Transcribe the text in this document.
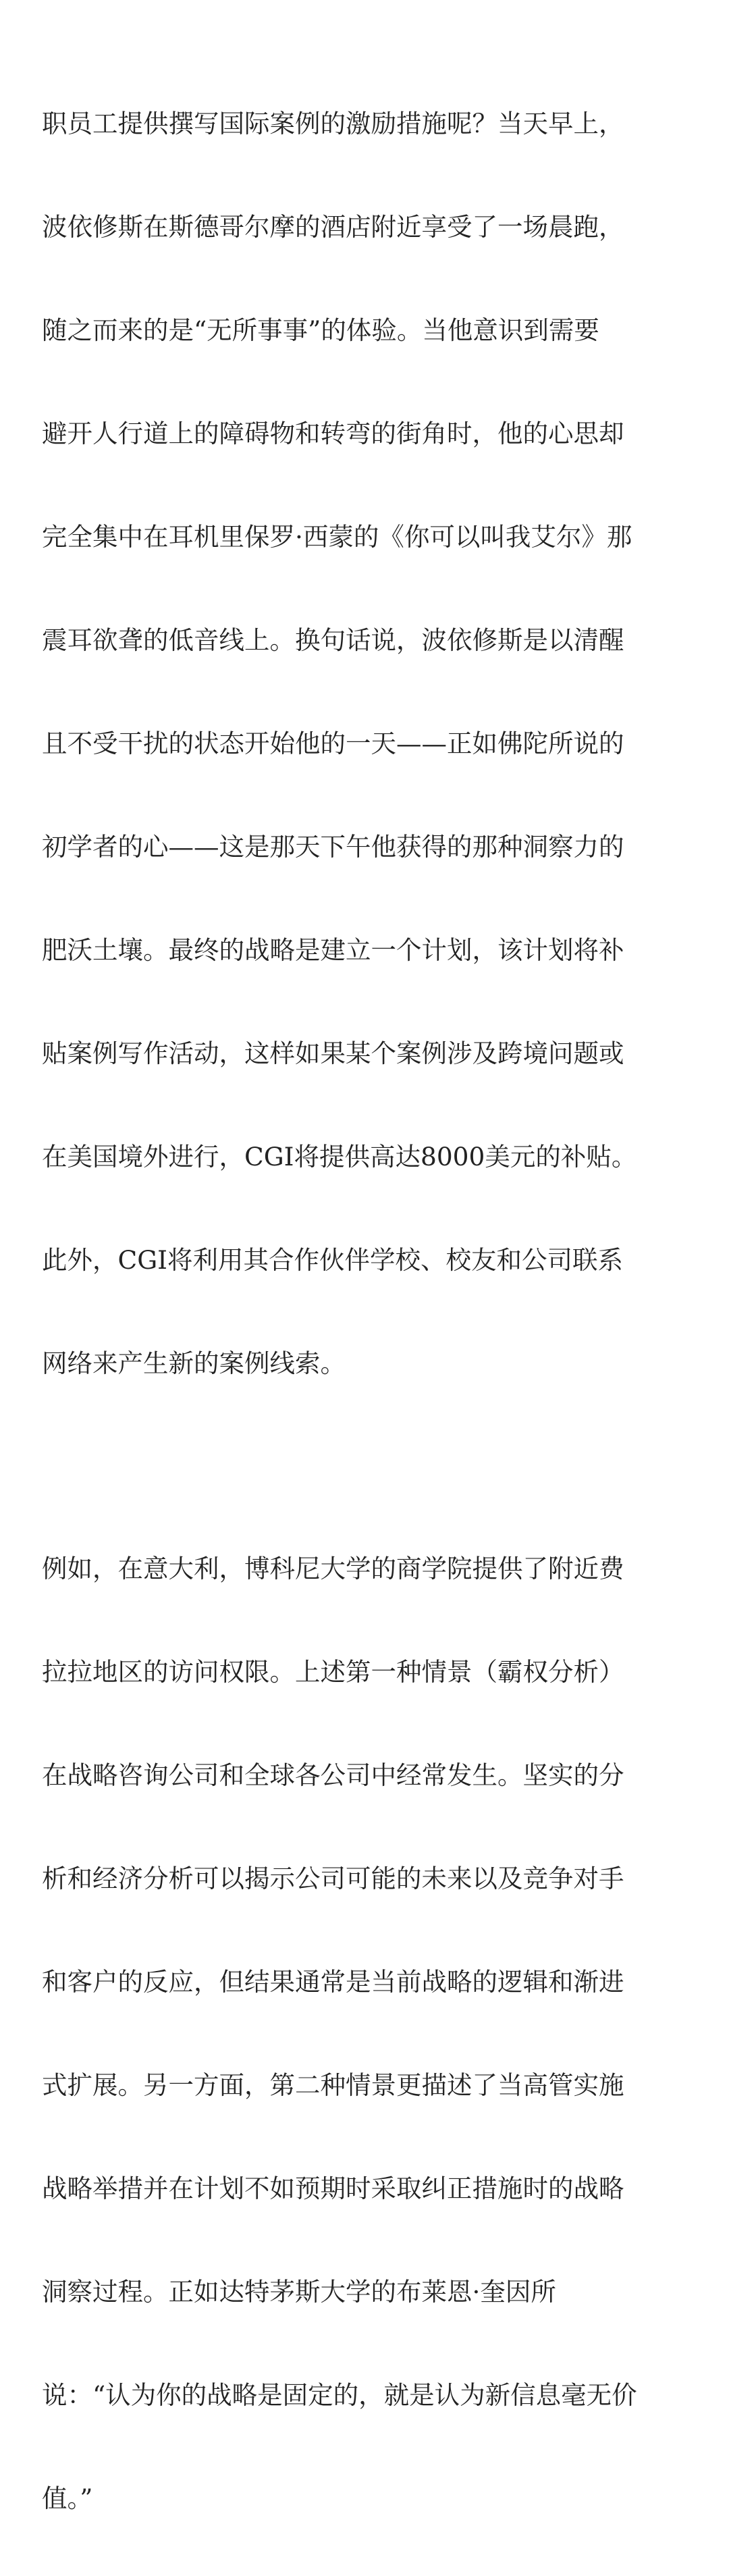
职员工提供撰写国际案例的激励措施呢？当天早上，

波依修斯在斯德哥尔摩的酒店附近享受了一场晨跑，

随之而来的是“无所事事”的体验。当他意识到需要

避开人行道上的障碍物和转弯的街角时，他的心思却

完全集中在耳机里保罗·西蒙的《你可以叫我艾尔》那

震耳欲聋的低音线上。换句话说，波依修斯是以清醒

且不受干扰的状态开始他的一天——正如佛陀所说的

初学者的心——这是那天下午他获得的那种洞察力的

肥沃土壤。最终的战略是建立一个计划，该计划将补

贴案例写作活动，这样如果某个案例涉及跨境问题或

在美国境外进行，CGI将提供高达8000美元的补贴。

此外，CGI将利用其合作伙伴学校、校友和公司联系

网络来产生新的案例线索。

例如，在意大利，博科尼大学的商学院提供了附近费

拉拉地区的访问权限。上述第一种情景（霸权分析）

在战略咨询公司和全球各公司中经常发生。坚实的分

析和经济分析可以揭示公司可能的未来以及竞争对手

和客户的反应，但结果通常是当前战略的逻辑和渐进

式扩展。另一方面，第二种情景更描述了当高管实施

战略举措并在计划不如预期时采取纠正措施时的战略

洞察过程。正如达特茅斯大学的布莱恩·奎因所

说：“认为你的战略是固定的，就是认为新信息毫无价

值。”
